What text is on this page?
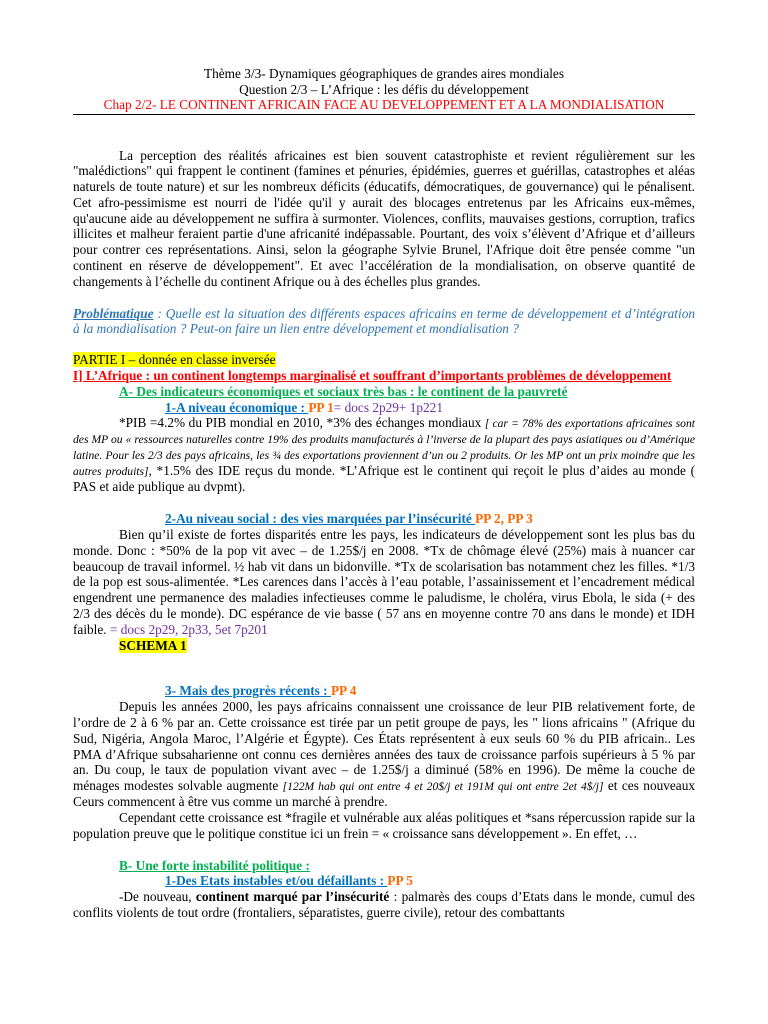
Thème 3/3- Dynamiques géographiques de grandes aires mondiales

Question 2/3 – L’Afrique : les défis du développement

Chap 2/2- LE CONTINENT AFRICAIN FACE AU DEVELOPPEMENT ET A LA MONDIALISATION

La perception des réalités africaines est bien souvent catastrophiste et revient régulièrement sur les "malédictions" qui frappent le continent (famines et pénuries, épidémies, guerres et guérillas, catastrophes et aléas naturels de toute nature) et sur les nombreux déficits (éducatifs, démocratiques, de gouvernance) qui le pénalisent. Cet afro-pessimisme est nourri de l'idée qu'il y aurait des blocages entretenus par les Africains eux-mêmes, qu'aucune aide au développement ne suffira à surmonter. Violences, conflits, mauvaises gestions, corruption, trafics illicites et malheur feraient partie d'une africanité indépassable. Pourtant, des voix s’élèvent d’Afrique et d’ailleurs pour contrer ces représentations. Ainsi, selon la géographe Sylvie Brunel, l'Afrique doit être pensée comme "un continent en réserve de développement". Et avec l’accélération de la mondialisation, on observe quantité de changements à l’échelle du continent Afrique ou à des échelles plus grandes.

Problématique : Quelle est la situation des différents espaces africains en terme de développement et d’intégration à la mondialisation ? Peut-on faire un lien entre développement et mondialisation ?

PARTIE I – donnée en classe inversée

I] L’Afrique : un continent longtemps marginalisé et souffrant d’importants problèmes de développement

A- Des indicateurs économiques et sociaux très bas : le continent de la pauvreté

1-A niveau économique : PP 1= docs 2p29+ 1p221

*PIB =4.2% du PIB mondial en 2010, *3% des échanges mondiaux [ car = 78% des exportations africaines sont des MP ou « ressources naturelles contre 19% des produits manufacturés à l’inverse de la plupart des pays asiatiques ou d’Amérique latine. Pour les 2/3 des pays africains, les ¾ des exportations proviennent d’un ou 2 produits. Or les MP ont un prix moindre que les autres produits], *1.5% des IDE reçus du monde. *L’Afrique est le continent qui reçoit le plus d’aides au monde ( PAS et aide publique au dvpmt).

2-Au niveau social : des vies marquées par l’insécurité PP 2, PP 3

Bien qu’il existe de fortes disparités entre les pays, les indicateurs de développement sont les plus bas du monde. Donc : *50% de la pop vit avec – de 1.25$/j en 2008. *Tx de chômage élevé (25%) mais à nuancer car beaucoup de travail informel. ½ hab vit dans un bidonville. *Tx de scolarisation bas notamment chez les filles. *1/3 de la pop est sous-alimentée. *Les carences dans l’accès à l’eau potable, l’assainissement et l’encadrement médical engendrent une permanence des maladies infectieuses comme le paludisme, le choléra, virus Ebola, le sida (+ des 2/3 des décès du le monde). DC espérance de vie basse ( 57 ans en moyenne contre 70 ans dans le monde) et IDH faible. = docs 2p29, 2p33, 5et 7p201

SCHEMA 1

3- Mais des progrès récents : PP 4

Depuis les années 2000, les pays africains connaissent une croissance de leur PIB relativement forte, de l’ordre de 2 à 6 % par an. Cette croissance est tirée par un petit groupe de pays, les " lions africains " (Afrique du Sud, Nigéria, Angola Maroc, l’Algérie et Égypte). Ces États représentent à eux seuls 60 % du PIB africain.. Les PMA d’Afrique subsaharienne ont connu ces dernières années des taux de croissance parfois supérieurs à 5 % par an. Du coup, le taux de population vivant avec – de 1.25$/j a diminué (58% en 1996). De même la couche de ménages modestes solvable augmente [122M hab qui ont entre 4 et 20$/j et 191M qui ont entre 2et 4$/j] et ces nouveaux Ceurs commencent à être vus comme un marché à prendre.

Cependant cette croissance est *fragile et vulnérable aux aléas politiques et *sans répercussion rapide sur la population preuve que le politique constitue ici un frein = « croissance sans développement ». En effet, …

B- Une forte instabilité politique :

1-Des Etats instables et/ou défaillants : PP 5

-De nouveau, continent marqué par l’insécurité : palmarès des coups d’Etats dans le monde, cumul des conflits violents de tout ordre (frontaliers, séparatistes, guerre civile), retour des combattants
